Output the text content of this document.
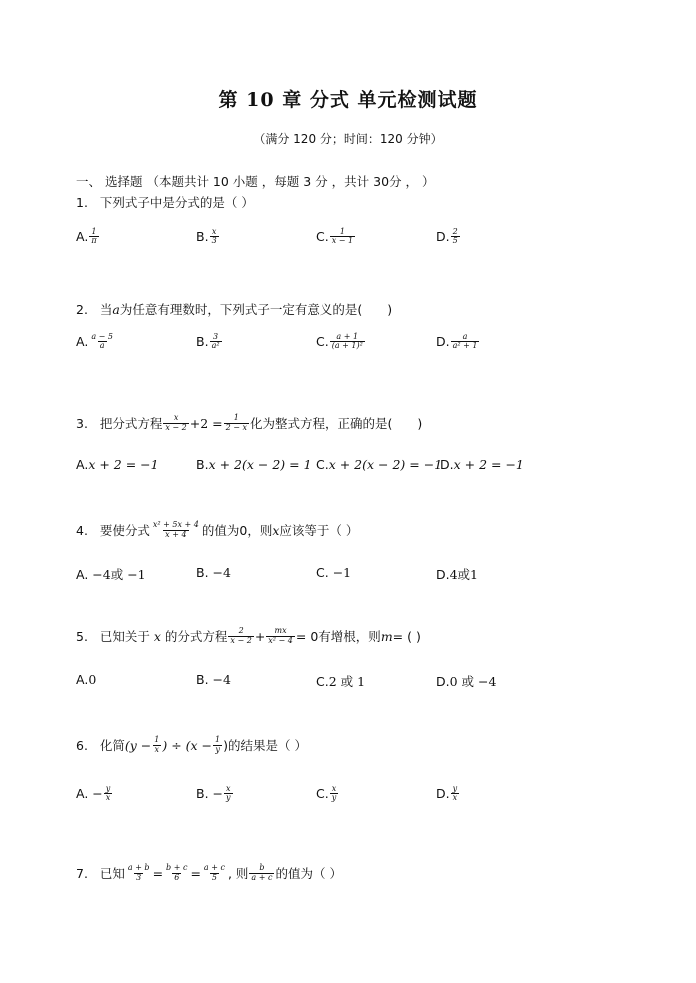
第 10 章 分式 单元检测试题
（满分 120 分；时间：120 分钟）
一、 选择题 （本题共计 10 小题 ，每题 3 分 ，共计 30分 ， ）
1. 下列式子中是分式的是（ ）
A. $\frac{1}{\pi}$	B. $\frac{x}{3}$	C. $\frac{1}{x - 1}$	D. $\frac{2}{5}$
2. 当a为任意有理数时，下列式子一定有意义的是(　　)
A. $\frac{a - 5}{a}$	B. $\frac{3}{\text{a²}}$	C. $\frac{a + 1}{\text{(a + 1)²}}$	D. $\frac{a}{\text{a² + 1}}$
3.
把分式方程 $\frac{x}{x - 2} +2 = \frac{1}{2 - x}$ 化为整式方程，正确的是(　　)
A.x + 2 = −1	B.x + 2(x − 2) = 1 C.x + 2(x − 2) = −1
D.x + 2 = −1
4.
要使分式 $\frac{\text{x² + 5x + 4}}{x + 4}$ 的值为0，则 x 应该等于（ ）
A. −4或 −1	B. −4	C. −1	D.4或1
5.
已知关于
x
的分式方程 $\frac{2}{x - 2} + \frac{mx}{\text{x² − 4}} = 0$有增根，则 m = ( )
A.0	B. −4	C.2 或 1	D.0 或 −4
6.
化简 ($y - \frac{1}{x}$ ) ÷ ($x - \frac{1}{y}$ )的结果是（ ）
A.
− $\frac{y}{x}$	B.
− $\frac{x}{y}$	C. $\frac{x}{y}$	D. $\frac{y}{x}$
7.
已知 $\frac{a + b}{3} = \frac{b + c}{6} = \frac{a + c}{5}$ , 则 $\frac{b}{a + c}$ 的值为（ ）
